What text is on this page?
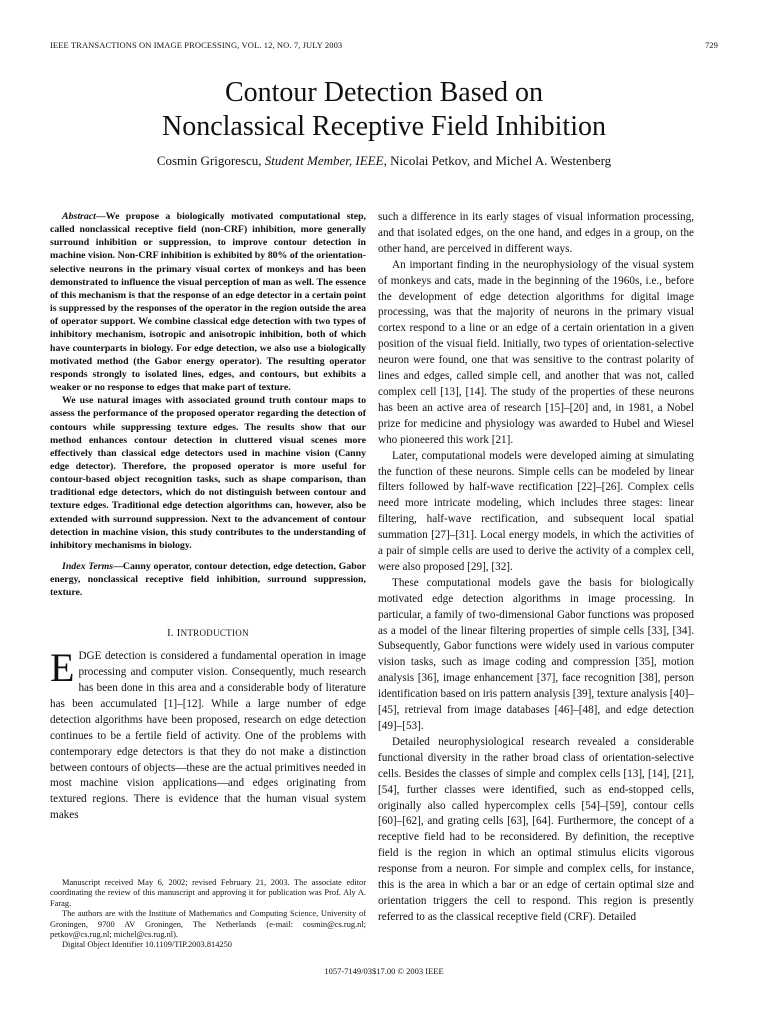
IEEE TRANSACTIONS ON IMAGE PROCESSING, VOL. 12, NO. 7, JULY 2003	729
Contour Detection Based on
Nonclassical Receptive Field Inhibition
Cosmin Grigorescu, Student Member, IEEE, Nicolai Petkov, and Michel A. Westenberg

Abstract—We propose a biologically motivated computational step, called nonclassical receptive field (non-CRF) inhibition, more generally surround inhibition or suppression, to improve contour detection in machine vision. Non-CRF inhibition is exhibited by 80% of the orientation-selective neurons in the primary visual cortex of monkeys and has been demonstrated to influence the visual perception of man as well. The essence of this mechanism is that the response of an edge detector in a certain point is suppressed by the responses of the operator in the region outside the area of operator support. We combine classical edge detection with two types of inhibitory mechanism, isotropic and anisotropic inhibition, both of which have counterparts in biology. For edge detection, we also use a biologically motivated method (the Gabor energy operator). The resulting operator responds strongly to isolated lines, edges, and contours, but exhibits a weaker or no response to edges that make part of texture.

We use natural images with associated ground truth contour maps to assess the performance of the proposed operator regarding the detection of contours while suppressing texture edges. The results show that our method enhances contour detection in cluttered visual scenes more effectively than classical edge detectors used in machine vision (Canny edge detector). Therefore, the proposed operator is more useful for contour-based object recognition tasks, such as shape comparison, than traditional edge detectors, which do not distinguish between contour and texture edges. Traditional edge detection algorithms can, however, also be extended with surround suppression. Next to the advancement of contour detection in machine vision, this study contributes to the understanding of inhibitory mechanisms in biology.

Index Terms—Canny operator, contour detection, edge detection, Gabor energy, nonclassical receptive field inhibition, surround suppression, texture.
I. INTRODUCTION

EDGE detection is considered a fundamental operation in image processing and computer vision. Consequently, much research has been done in this area and a considerable body of literature has been accumulated [1]–[12]. While a large number of edge detection algorithms have been proposed, research on edge detection continues to be a fertile field of activity. One of the problems with contemporary edge detectors is that they do not make a distinction between contours of objects—these are the actual primitives needed in most machine vision applications—and edges originating from textured regions. There is evidence that the human visual system makes

such a difference in its early stages of visual information processing, and that isolated edges, on the one hand, and edges in a group, on the other hand, are perceived in different ways.

An important finding in the neurophysiology of the visual system of monkeys and cats, made in the beginning of the 1960s, i.e., before the development of edge detection algorithms for digital image processing, was that the majority of neurons in the primary visual cortex respond to a line or an edge of a certain orientation in a given position of the visual field. Initially, two types of orientation-selective neuron were found, one that was sensitive to the contrast polarity of lines and edges, called simple cell, and another that was not, called complex cell [13], [14]. The study of the properties of these neurons has been an active area of research [15]–[20] and, in 1981, a Nobel prize for medicine and physiology was awarded to Hubel and Wiesel who pioneered this work [21].

Later, computational models were developed aiming at simulating the function of these neurons. Simple cells can be modeled by linear filters followed by half-wave rectification [22]–[26]. Complex cells need more intricate modeling, which includes three stages: linear filtering, half-wave rectification, and subsequent local spatial summation [27]–[31]. Local energy models, in which the activities of a pair of simple cells are used to derive the activity of a complex cell, were also proposed [29], [32].

These computational models gave the basis for biologically motivated edge detection algorithms in image processing. In particular, a family of two-dimensional Gabor functions was proposed as a model of the linear filtering properties of simple cells [33], [34]. Subsequently, Gabor functions were widely used in various computer vision tasks, such as image coding and compression [35], motion analysis [36], image enhancement [37], face recognition [38], person identification based on iris pattern analysis [39], texture analysis [40]–[45], retrieval from image databases [46]–[48], and edge detection [49]–[53].

Detailed neurophysiological research revealed a considerable functional diversity in the rather broad class of orientation-selective cells. Besides the classes of simple and complex cells [13], [14], [21], [54], further classes were identified, such as end-stopped cells, originally also called hypercomplex cells [54]–[59], contour cells [60]–[62], and grating cells [63], [64]. Furthermore, the concept of a receptive field had to be reconsidered. By definition, the receptive field is the region in which an optimal stimulus elicits vigorous response from a neuron. For simple and complex cells, for instance, this is the area in which a bar or an edge of certain optimal size and orientation triggers the cell to respond. This region is presently referred to as the classical receptive field (CRF). Detailed

Manuscript received May 6, 2002; revised February 21, 2003. The associate editor coordinating the review of this manuscript and approving it for publication was Prof. Aly A. Farag.

The authors are with the Institute of Mathematics and Computing Science, University of Groningen, 9700 AV Groningen, The Netherlands (e-mail: cosmin@cs.rug.nl; petkov@cs.rug.nl; michel@cs.rug.nl).

Digital Object Identifier 10.1109/TIP.2003.814250

1057-7149/03$17.00 © 2003 IEEE
